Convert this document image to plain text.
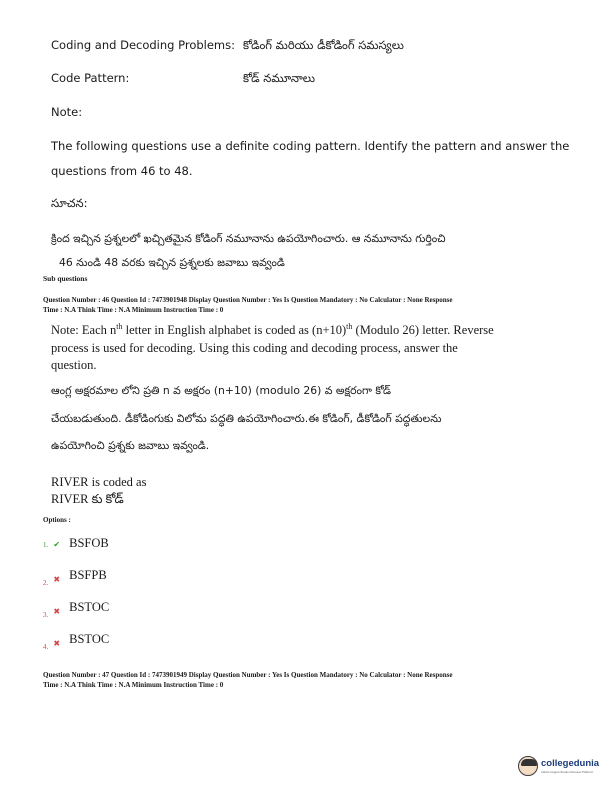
Coding and Decoding Problems: కోడింగ్ మరియు డీకోడింగ్ సమస్యలు
Code Pattern:	కోడ్ నమూనాలు
Note:
The following questions use a definite coding pattern. Identify the pattern and answer the
questions from 46 to 48.
సూచన:
క్రింద ఇచ్చిన ప్రశ్నలలో ఖచ్చితమైన కోడింగ్ నమూనాను ఉపయోగించారు. ఆ నమూనాను గుర్తించి
46 నుండి 48 వరకు ఇచ్చిన ప్రశ్నలకు జవాబు ఇవ్వండి
Sub questions
Question Number : 46 Question Id : 7473901948 Display Question Number : Yes Is Question Mandatory : No Calculator : None Response
Time : N.A Think Time : N.A Minimum Instruction Time : 0
Note: Each $n^{th}$ letter in English alphabet is coded as $(n+10)^{th}$ (Modulo 26) letter. Reverse
process is used for decoding. Using this coding and decoding process, answer the
question.
ఆంగ్ల అక్షరమాల లోని ప్రతి n వ అక్షరం (n+10) (modulo 26) వ అక్షరంగా కోడ్
చేయబడుతుంది. డీకోడింగుకు విలోమ పద్ధతి ఉపయోగించారు.ఈ కోడింగ్, డీకోడింగ్ పద్ధతులను
ఉపయోగించి ప్రశ్నకు జవాబు ఇవ్వండి.
RIVER is coded as
RIVER కు కోడ్
Options :
1. ✔ BSFOB
$_{2.}$ ✖ BSFPB
$_{3.}$ ✖ BSTOC
$_{4.}$ ✖ BSTOC
Question Number : 47 Question Id : 7473901949 Display Question Number : Yes Is Question Mandatory : No Calculator : None Response
Time : N.A Think Time : N.A Minimum Instruction Time : 0
collegedunia
India's largest Student Review Platform
